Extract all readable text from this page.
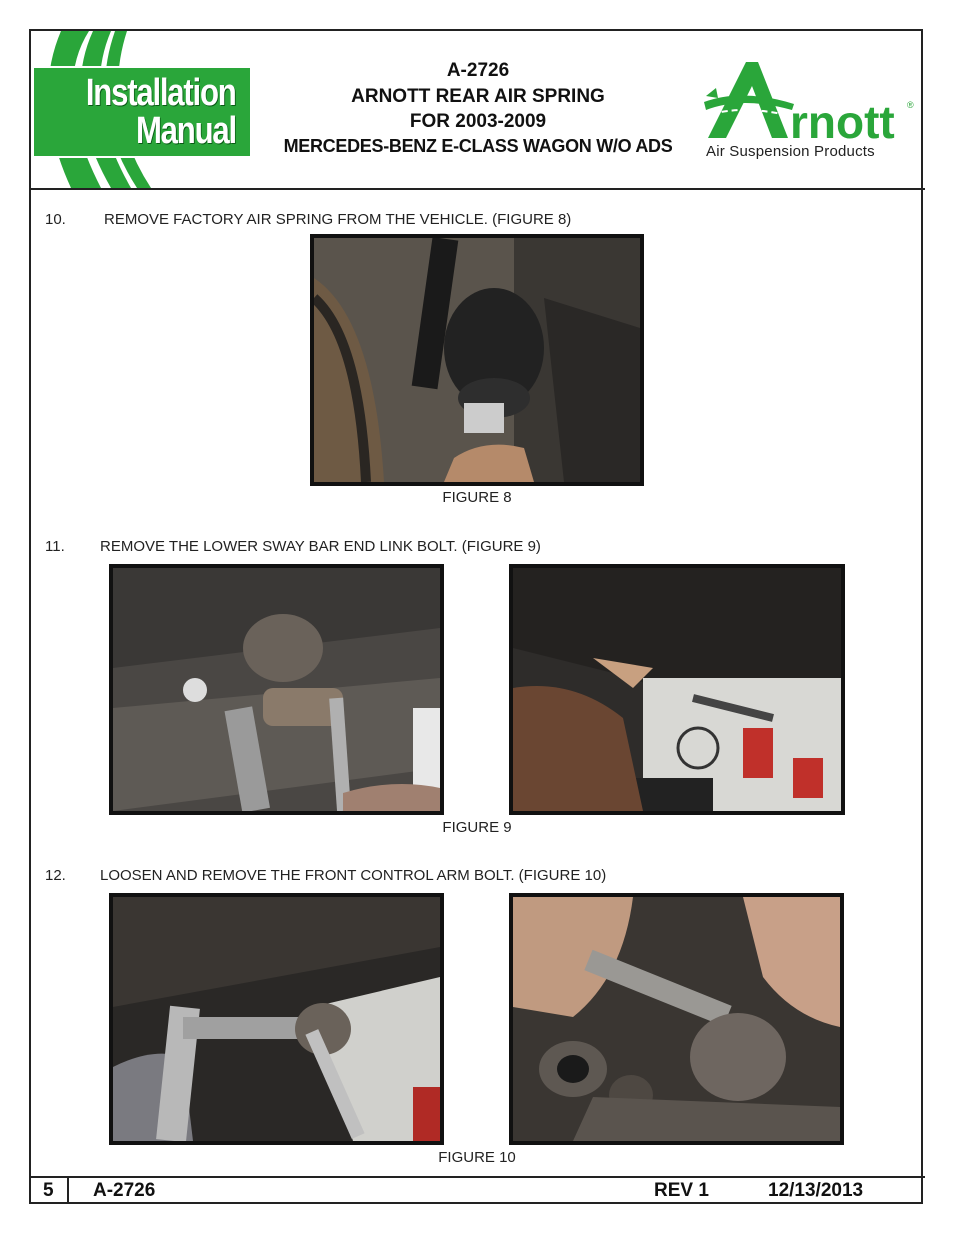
Installation
Manual
A-2726
ARNOTT REAR AIR SPRING
FOR 2003-2009
MERCEDES-BENZ E-CLASS WAGON W/O ADS	rnott ®
Air Suspension Products
10.	REMOVE FACTORY AIR SPRING FROM THE VEHICLE. (FIGURE 8)
FIGURE 8
11. REMOVE THE LOWER SWAY BAR END LINK BOLT. (FIGURE 9)
FIGURE 9
12. LOOSEN AND REMOVE THE FRONT CONTROL ARM BOLT. (FIGURE 10)
FIGURE 10
5 A-2726	REV 1	12/13/2013
